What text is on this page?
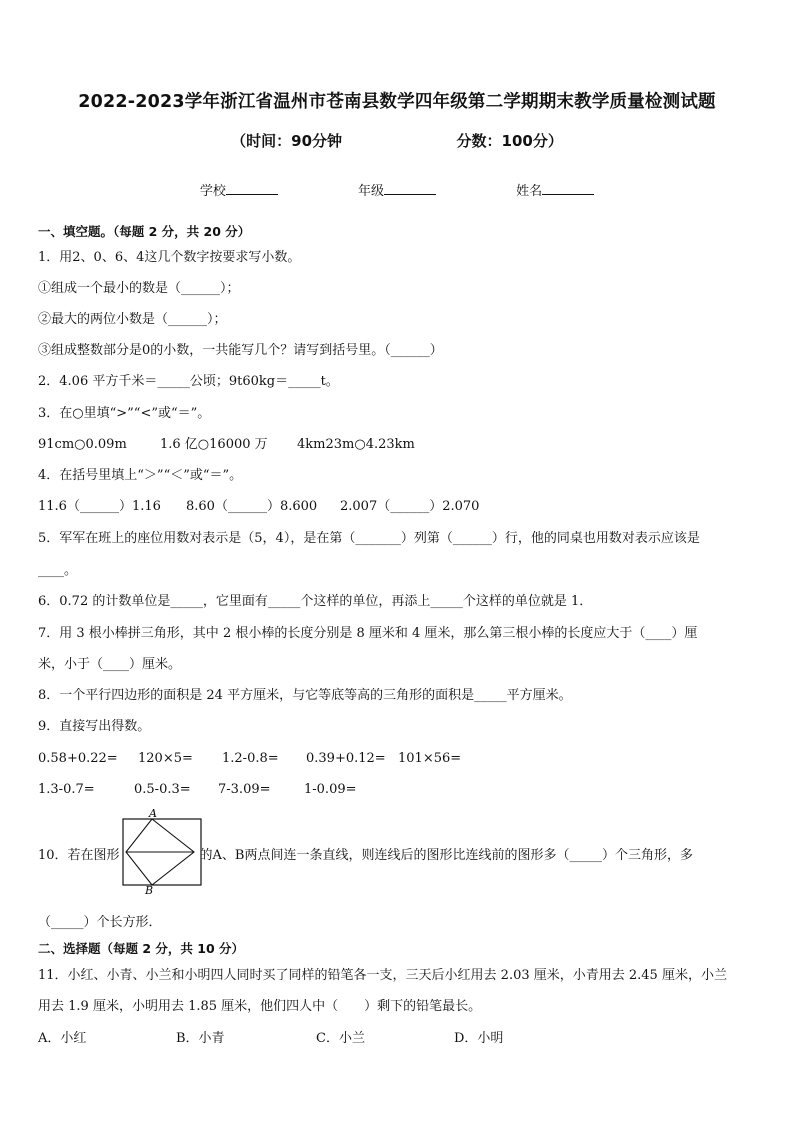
2022-2023学年浙江省温州市苍南县数学四年级第二学期期末教学质量检测试题
（时间：90分钟	分数：100分）
学校	年级	姓名
一、填空题。（每题 2 分，共 20 分）
1．用2、0、6、4这几个数字按要求写小数。
①组成一个最小的数是（______）；
②最大的两位小数是（______）；
③组成整数部分是0的小数，一共能写几个？请写到括号里。（______）
2．4.06 平方千米＝_____公顷；9t60kg＝_____t。
3．在○里填“>”“<”或“＝”。
91cm○0.09m	1.6 亿○16000 万 4km23m○4.23km
4．在括号里填上“＞”“＜”或“＝”。
11.6（______）1.16 8.60（______）8.600 2.007（______）2.070
5．军军在班上的座位用数对表示是（5，4），是在第（_______）列第（______）行，他的同桌也用数对表示应该是
____。
6．0.72 的计数单位是_____，它里面有_____个这样的单位，再添上_____个这样的单位就是 1．
7．用 3 根小棒拼三角形，其中 2 根小棒的长度分别是 8 厘米和 4 厘米，那么第三根小棒的长度应大于（____）厘
米，小于（____）厘米。
8．一个平行四边形的面积是 24 平方厘米，与它等底等高的三角形的面积是_____平方厘米。
9．直接写出得数。
0.58+0.22= 120×5= 1.2-0.8= 0.39+0.12= 101×56=
1.3-0.7=	0.5-0.3= 7-3.09=	1-0.09=
A
B
10．若在图形	的A、B两点间连一条直线，则连线后的图形比连线前的图形多（_____）个三角形，多
（_____）个长方形．
二、选择题（每题 2 分，共 10 分）
11．小红、小青、小兰和小明四人同时买了同样的铅笔各一支，三天后小红用去 2.03 厘米，小青用去 2.45 厘米，小兰
用去 1.9 厘米，小明用去 1.85 厘米，他们四人中（　　）剩下的铅笔最长。
A．小红	B．小青	C．小兰	D．小明
